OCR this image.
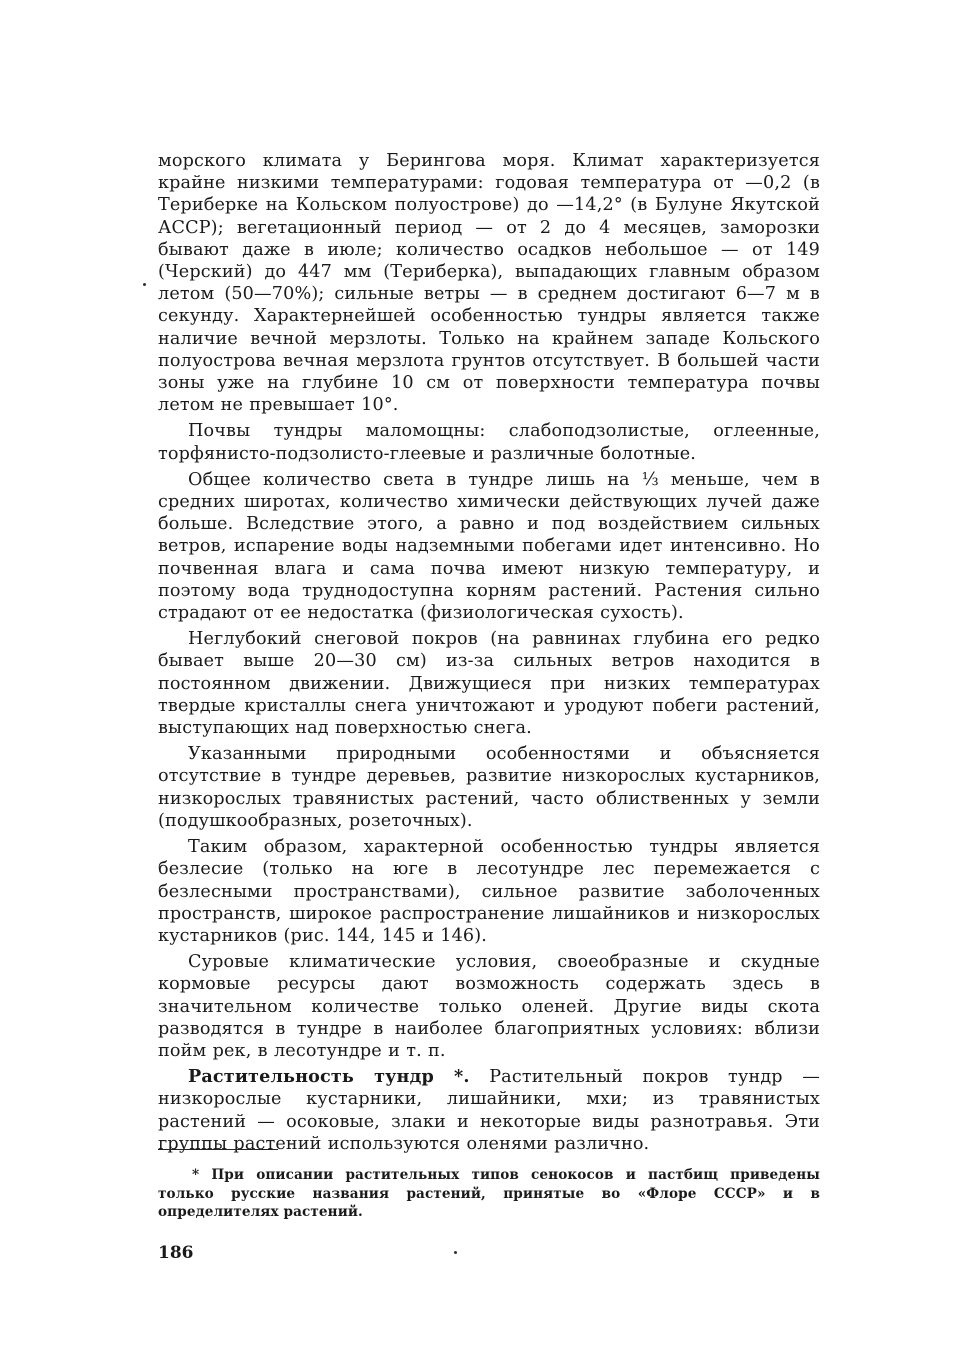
морского климата у Берингова моря. Климат характеризуется крайне низкими температурами: годовая температура от —0,2 (в Териберке на Кольском полуострове) до —14,2° (в Булуне Якутской АССР); вегетационный период — от 2 до 4 месяцев, заморозки бывают даже в июле; количество осадков небольшое — от 149 (Черский) до 447 мм (Териберка), выпадающих главным образом летом (50—70%); сильные ветры — в среднем достигают 6—7 м в секунду. Характернейшей особенностью тундры является также наличие вечной мерзлоты. Только на крайнем западе Кольского полуострова вечная мерзлота грунтов отсутствует. В большей части зоны уже на глубине 10 см от поверхности температура почвы летом не превышает 10°.

Почвы тундры маломощны: слабоподзолистые, оглеенные, торфянисто-подзолисто-глеевые и различные болотные.

Общее количество света в тундре лишь на ⅓ меньше, чем в средних широтах, количество химически действующих лучей даже больше. Вследствие этого, а равно и под воздействием сильных ветров, испарение воды надземными побегами идет интенсивно. Но почвенная влага и сама почва имеют низкую температуру, и поэтому вода труднодоступна корням растений. Растения сильно страдают от ее недостатка (физиологическая сухость).

Неглубокий снеговой покров (на равнинах глубина его редко бывает выше 20—30 см) из-за сильных ветров находится в постоянном движении. Движущиеся при низких температурах твердые кристаллы снега уничтожают и уродуют побеги растений, выступающих над поверхностью снега.

Указанными природными особенностями и объясняется отсутствие в тундре деревьев, развитие низкорослых кустарников, низкорослых травянистых растений, часто облиственных у земли (подушкообразных, розеточных).

Таким образом, характерной особенностью тундры является безлесие (только на юге в лесотундре лес перемежается с безлесными пространствами), сильное развитие заболоченных пространств, широкое распространение лишайников и низкорослых кустарников (рис. 144, 145 и 146).

Суровые климатические условия, своеобразные и скудные кормовые ресурсы дают возможность содержать здесь в значительном количестве только оленей. Другие виды скота разводятся в тундре в наиболее благоприятных условиях: вблизи пойм рек, в лесотундре и т. п.

Растительность тундр *. Растительный покров тундр — низкорослые кустарники, лишайники, мхи; из травянистых растений — осоковые, злаки и некоторые виды разнотравья. Эти группы растений используются оленями различно.

* При описании растительных типов сенокосов и пастбищ приведены только русские названия растений, принятые во «Флоре СССР» и в определителях растений.

186
